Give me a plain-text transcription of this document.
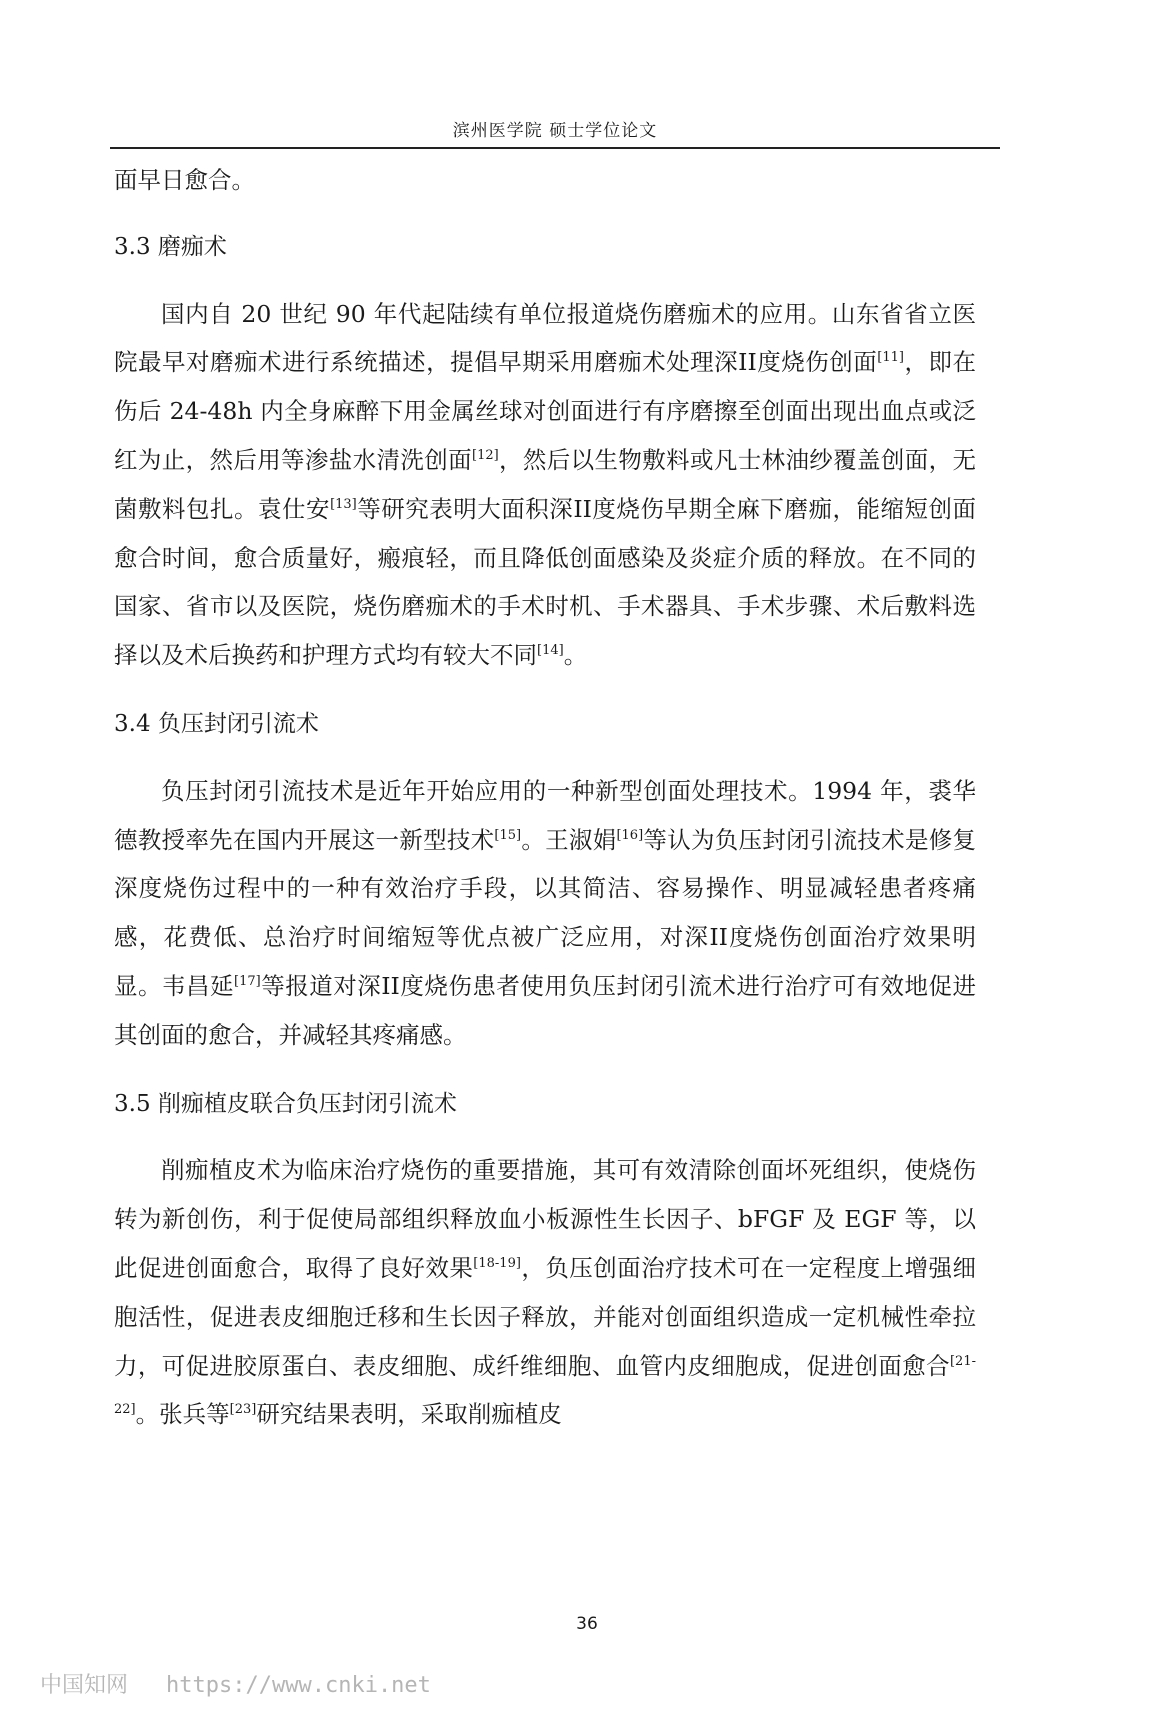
滨州医学院 硕士学位论文

面早日愈合。

3.3 磨痂术

国内自 20 世纪 90 年代起陆续有单位报道烧伤磨痂术的应用。山东省省立医院最早对磨痂术进行系统描述，提倡早期采用磨痂术处理深II度烧伤创面[11]，即在伤后 24-48h 内全身麻醉下用金属丝球对创面进行有序磨擦至创面出现出血点或泛红为止，然后用等渗盐水清洗创面[12]，然后以生物敷料或凡士林油纱覆盖创面，无菌敷料包扎。袁仕安[13]等研究表明大面积深II度烧伤早期全麻下磨痂，能缩短创面愈合时间，愈合质量好，瘢痕轻，而且降低创面感染及炎症介质的释放。在不同的国家、省市以及医院，烧伤磨痂术的手术时机、手术器具、手术步骤、术后敷料选择以及术后换药和护理方式均有较大不同[14]。

3.4 负压封闭引流术

负压封闭引流技术是近年开始应用的一种新型创面处理技术。1994 年，裘华德教授率先在国内开展这一新型技术[15]。王淑娟[16]等认为负压封闭引流技术是修复深度烧伤过程中的一种有效治疗手段，以其简洁、容易操作、明显减轻患者疼痛感，花费低、总治疗时间缩短等优点被广泛应用，对深II度烧伤创面治疗效果明显。韦昌延[17]等报道对深II度烧伤患者使用负压封闭引流术进行治疗可有效地促进其创面的愈合，并减轻其疼痛感。

3.5 削痂植皮联合负压封闭引流术

削痂植皮术为临床治疗烧伤的重要措施，其可有效清除创面坏死组织，使烧伤转为新创伤，利于促使局部组织释放血小板源性生长因子、bFGF 及 EGF 等，以此促进创面愈合，取得了良好效果[18-19]，负压创面治疗技术可在一定程度上增强细胞活性，促进表皮细胞迁移和生长因子释放，并能对创面组织造成一定机械性牵拉力，可促进胶原蛋白、表皮细胞、成纤维细胞、血管内皮细胞成，促进创面愈合[21-22]。张兵等[23]研究结果表明，采取削痂植皮

36
中国知网 https://www.cnki.net
